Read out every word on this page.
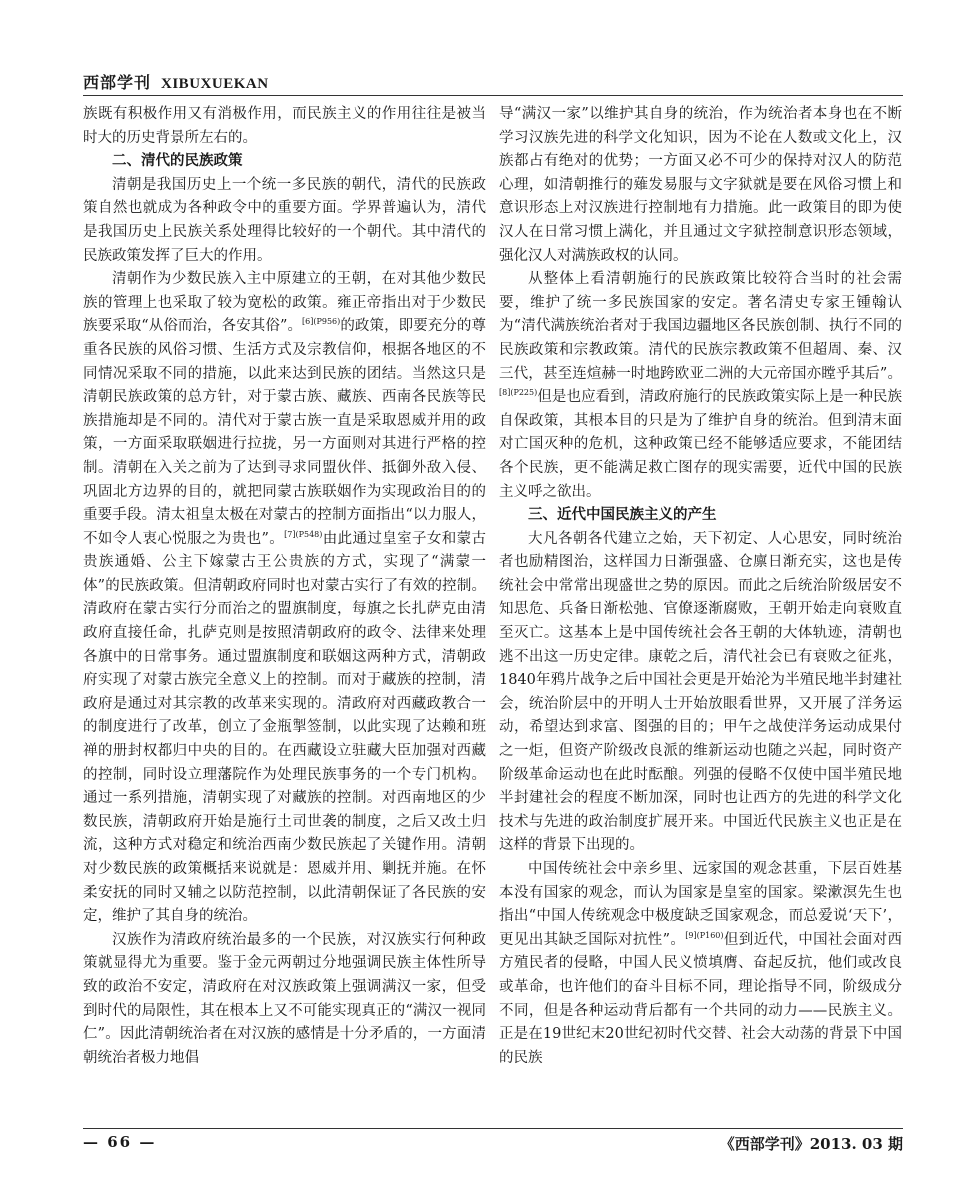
西部学刊 XIBUXUEKAN

族既有积极作用又有消极作用，而民族主义的作用往往是被当时大的历史背景所左右的。

二、清代的民族政策

清朝是我国历史上一个统一多民族的朝代，清代的民族政策自然也就成为各种政令中的重要方面。学界普遍认为，清代是我国历史上民族关系处理得比较好的一个朝代。其中清代的民族政策发挥了巨大的作用。

清朝作为少数民族入主中原建立的王朝，在对其他少数民族的管理上也采取了较为宽松的政策。雍正帝指出对于少数民族要采取“从俗而治，各安其俗”。$^{[6](P956)}$的政策，即要充分的尊重各民族的风俗习惯、生活方式及宗教信仰，根据各地区的不同情况采取不同的措施，以此来达到民族的团结。当然这只是清朝民族政策的总方针，对于蒙古族、藏族、西南各民族等民族措施却是不同的。清代对于蒙古族一直是采取恩威并用的政策，一方面采取联姻进行拉拢，另一方面则对其进行严格的控制。清朝在入关之前为了达到寻求同盟伙伴、抵御外敌入侵、巩固北方边界的目的，就把同蒙古族联姻作为实现政治目的的重要手段。清太祖皇太极在对蒙古的控制方面指出“以力服人，不如令人衷心悦服之为贵也”。$^{[7](P548)}$由此通过皇室子女和蒙古贵族通婚、公主下嫁蒙古王公贵族的方式，实现了“满蒙一体”的民族政策。但清朝政府同时也对蒙古实行了有效的控制。清政府在蒙古实行分而治之的盟旗制度，每旗之长扎萨克由清政府直接任命，扎萨克则是按照清朝政府的政令、法律来处理各旗中的日常事务。通过盟旗制度和联姻这两种方式，清朝政府实现了对蒙古族完全意义上的控制。而对于藏族的控制，清政府是通过对其宗教的改革来实现的。清政府对西藏政教合一的制度进行了改革，创立了金瓶掣签制，以此实现了达赖和班禅的册封权都归中央的目的。在西藏设立驻藏大臣加强对西藏的控制，同时设立理藩院作为处理民族事务的一个专门机构。通过一系列措施，清朝实现了对藏族的控制。对西南地区的少数民族，清朝政府开始是施行土司世袭的制度，之后又改土归流，这种方式对稳定和统治西南少数民族起了关键作用。清朝对少数民族的政策概括来说就是：恩威并用、剿抚并施。在怀柔安抚的同时又辅之以防范控制，以此清朝保证了各民族的安定，维护了其自身的统治。

汉族作为清政府统治最多的一个民族，对汉族实行何种政策就显得尤为重要。鉴于金元两朝过分地强调民族主体性所导致的政治不安定，清政府在对汉族政策上强调满汉一家，但受到时代的局限性，其在根本上又不可能实现真正的“满汉一视同仁”。因此清朝统治者在对汉族的感情是十分矛盾的，一方面清朝统治者极力地倡

导“满汉一家”以维护其自身的统治，作为统治者本身也在不断学习汉族先进的科学文化知识，因为不论在人数或文化上，汉族都占有绝对的优势；一方面又必不可少的保持对汉人的防范心理，如清朝推行的薙发易服与文字狱就是要在风俗习惯上和意识形态上对汉族进行控制地有力措施。此一政策目的即为使汉人在日常习惯上满化，并且通过文字狱控制意识形态领域，强化汉人对满族政权的认同。

从整体上看清朝施行的民族政策比较符合当时的社会需要，维护了统一多民族国家的安定。著名清史专家王锺翰认为“清代满族统治者对于我国边疆地区各民族创制、执行不同的民族政策和宗教政策。清代的民族宗教政策不但超周、秦、汉三代，甚至连煊赫一时地跨欧亚二洲的大元帝国亦瞠乎其后”。$^{[8](P225)}$但是也应看到，清政府施行的民族政策实际上是一种民族自保政策，其根本目的只是为了维护自身的统治。但到清末面对亡国灭种的危机，这种政策已经不能够适应要求，不能团结各个民族，更不能满足救亡图存的现实需要，近代中国的民族主义呼之欲出。

三、近代中国民族主义的产生

大凡各朝各代建立之始，天下初定、人心思安，同时统治者也励精图治，这样国力日渐强盛、仓廪日渐充实，这也是传统社会中常常出现盛世之势的原因。而此之后统治阶级居安不知思危、兵备日渐松弛、官僚逐渐腐败，王朝开始走向衰败直至灭亡。这基本上是中国传统社会各王朝的大体轨迹，清朝也逃不出这一历史定律。康乾之后，清代社会已有衰败之征兆，1840年鸦片战争之后中国社会更是开始沦为半殖民地半封建社会，统治阶层中的开明人士开始放眼看世界，又开展了洋务运动，希望达到求富、图强的目的；甲午之战使洋务运动成果付之一炬，但资产阶级改良派的维新运动也随之兴起，同时资产阶级革命运动也在此时酝酿。列强的侵略不仅使中国半殖民地半封建社会的程度不断加深，同时也让西方的先进的科学文化技术与先进的政治制度扩展开来。中国近代民族主义也正是在这样的背景下出现的。

中国传统社会中亲乡里、远家国的观念甚重，下层百姓基本没有国家的观念，而认为国家是皇室的国家。梁漱溟先生也指出“中国人传统观念中极度缺乏国家观念，而总爱说‘天下’，更见出其缺乏国际对抗性”。$^{[9](P160)}$但到近代，中国社会面对西方殖民者的侵略，中国人民义愤填膺、奋起反抗，他们或改良或革命，也许他们的奋斗目标不同，理论指导不同，阶级成分不同，但是各种运动背后都有一个共同的动力——民族主义。正是在19世纪末20世纪初时代交替、社会大动荡的背景下中国的民族

— 66 —	《西部学刊》2013. 03 期
